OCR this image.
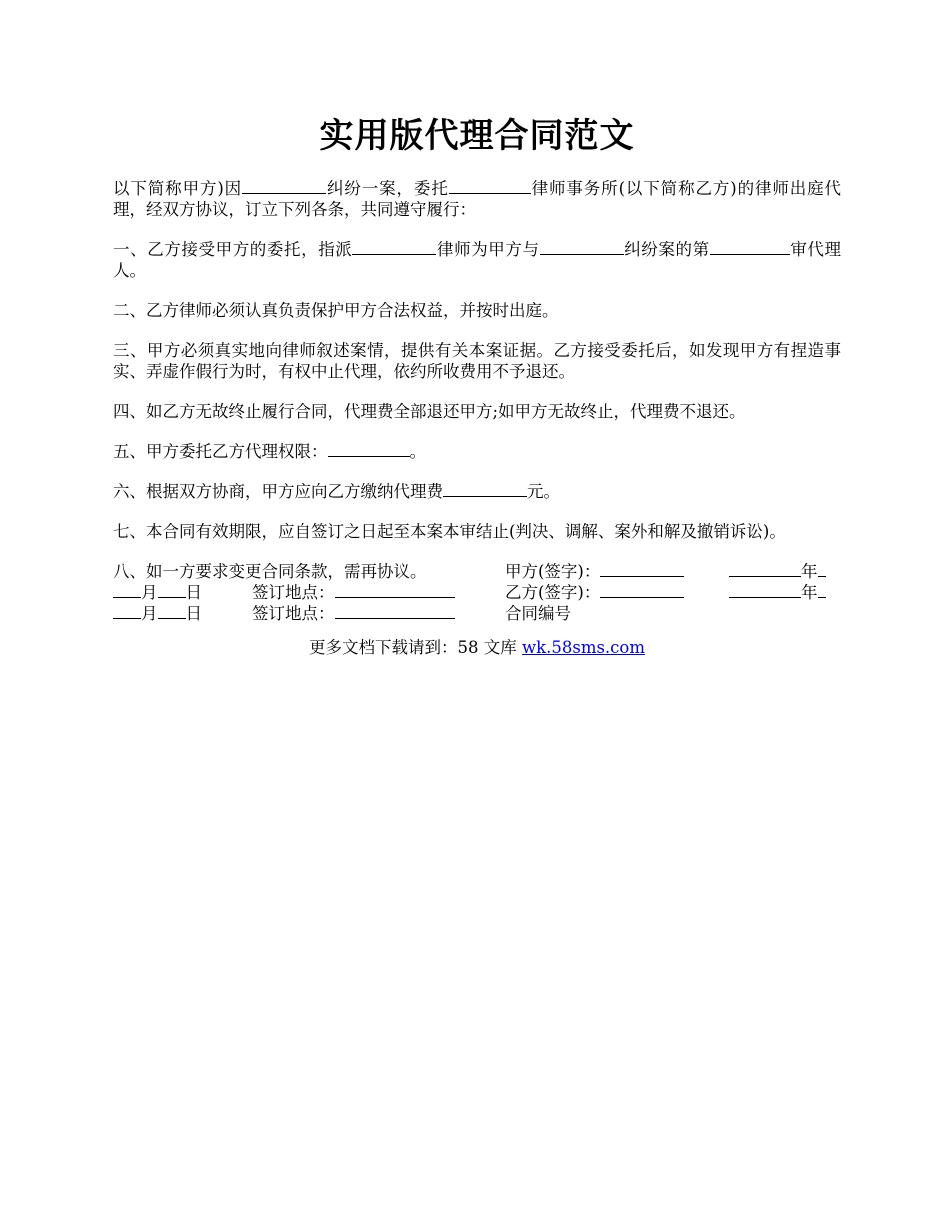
实用版代理合同范文

以下简称甲方)因	纠纷一案，委托	律师事务所(以下简称乙方)的律师出庭代理，经双方协议，订立下列各条，共同遵守履行：

一、乙方接受甲方的委托，指派	律师为甲方与	纠纷案的第	审代理人。

二、乙方律师必须认真负责保护甲方合法权益，并按时出庭。

三、甲方必须真实地向律师叙述案情，提供有关本案证据。乙方接受委托后，如发现甲方有捏造事实、弄虚作假行为时，有权中止代理，依约所收费用不予退还。

四、如乙方无故终止履行合同，代理费全部退还甲方;如甲方无故终止，代理费不退还。

五、甲方委托乙方代理权限：	。

六、根据双方协商，甲方应向乙方缴纳代理费	元。

七、本合同有效期限，应自签订之日起至本案本审结止(判决、调解、案外和解及撤销诉讼)。

八、如一方要求变更合同条款，需再协议。	甲方(签字)：	年
月 日	签订地点：	乙方(签字)：	年
月 日	签订地点：	合同编号

更多文档下载请到：58 文库 wk.58sms.com
